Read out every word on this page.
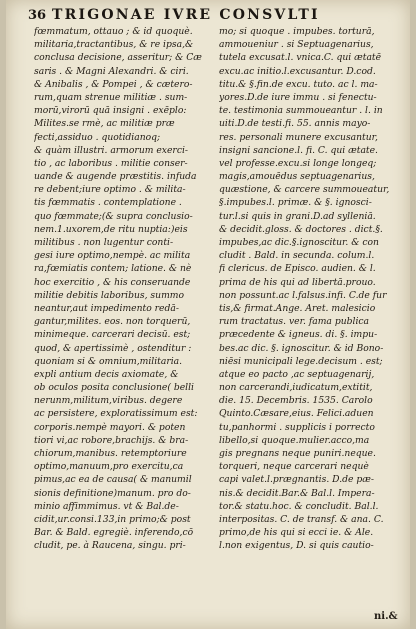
36 TRIGONAE IVRE CONSVLTI
fœmmatum, ottauo ; & id quoquè.
militaria,tractantibus, & re ipsa,&
conclusa decisione, asseritur; & Cæ
saris . & Magni Alexandri. & ciri.
& Anibalis , & Pompei , & cætero-
rum,quam strenue militiæ . sum-
morū,virorū quā insigni . exēplo:
Milites.se rmè, ac militiæ præ
fecti,assiduo . quotidianoq;
& quàm illustri. armorum exerci-
tio , ac laboribus . militie conser-
uande & augende præstitis. infuda
re debent;iure optimo . & milita-
tis fœmmatis . contemplatione .
quo fœmmate;(& supra conclusio-
nem.1.uxorem,de ritu nuptia:)eis
militibus . non lugentur conti-
gesi iure optimo,nempè. ac milita
ra,fœmiatis contem; latione. & nè
hoc exercitio , & his conseruande
militie debitis laboribus, summo
neantur,aut impedimento redā-
gantur,milites. eos. non torquerū,
minimeque. carcerari decisū. est;
quod, & apertissimè , ostenditur :
quoniam si & omnium,militaria.
expli antium decis axiomate, &
ob oculos posita conclusione( belli
nerunm,militum,viribus. degere
ac persistere, exploratissimum est:
corporis.nempè mayori. & poten
tiori vi,ac robore,brachijs. & bra-
chiorum,manibus. retemptoriure
optimo,manuum,pro exercitu,ca
pimus,ac ea de causa( & manumil
sionis definitione)manum. pro do-
minio affimmimus. vt & Bal.de-
cidit,ur.consi.133,in primo;& post
Bar. & Bald. egregiè. inferendo,cō
cludit, pe. à Raucena, singu. pri-
mo; si quoque . impubes. torturā,
ammoueniur . si Septuagenarius,
tutela excusat.l. vnica.C. qui ætatē
excu.ac initio.l.excusantur. D.cod.
titu.& §.fin.de excu. tuto. ac l. ma-
yores.D.de iure immu . si fenectu-
te. testimonia summoueantur . l. in
uiti.D.de testi.fi. 55. annis mayo-
res. personali munere excusantur,
insigni sancione.l. fi. C. qui ætate.
vel professe.excu.si longe longeq;
magis,amouēdus septuagenarius,
quæstione, & carcere summoueatur,
§.impubes.l. primæ. & §. ignosci-
tur.l.si quis in grani.D.ad sylleniā.
& decidit.gloss. & doctores . dict.§.
impubes,ac dic.§.ignoscitur. & con
cludit . Bald. in secunda. colum.l.
fi clericus. de Episco. audien. & l.
prima de his qui ad libertā.prouo.
non possunt.ac l.falsus.infi. C.de fur
tis,& firmat.Ange. Aret. malesicio
rum tractatus. ver. fama publica
præcedente & igneus. di. §. impu-
bes.ac dic. §. ignoscitur. & id Bono-
niēsi municipali lege.decisum . est;
atque eo pacto ,ac septuagenarij,
non carcerandi,iudicatum,extitit,
die. 15. Decembris. 1535. Carolo
Quinto.Cæsare,eius. Felici.aduen
tu,panhormi . supplicis i porrecto
libello,si quoque.mulier.acco,ma
gis pregnans neque puniri.neque.
torqueri, neque carcerari nequè
capi valet.l.prægnantis. D.de pæ-
nis.& decidit.Bar.& Bal.l. Impera-
tor.& statu.hoc. & concludit. Bal.l.
interpositas. C. de transf. & ana. C.
primo,de his qui si ecci ie. & Ale.
l.non exigentus, D. si quis cautio-
ni.&
